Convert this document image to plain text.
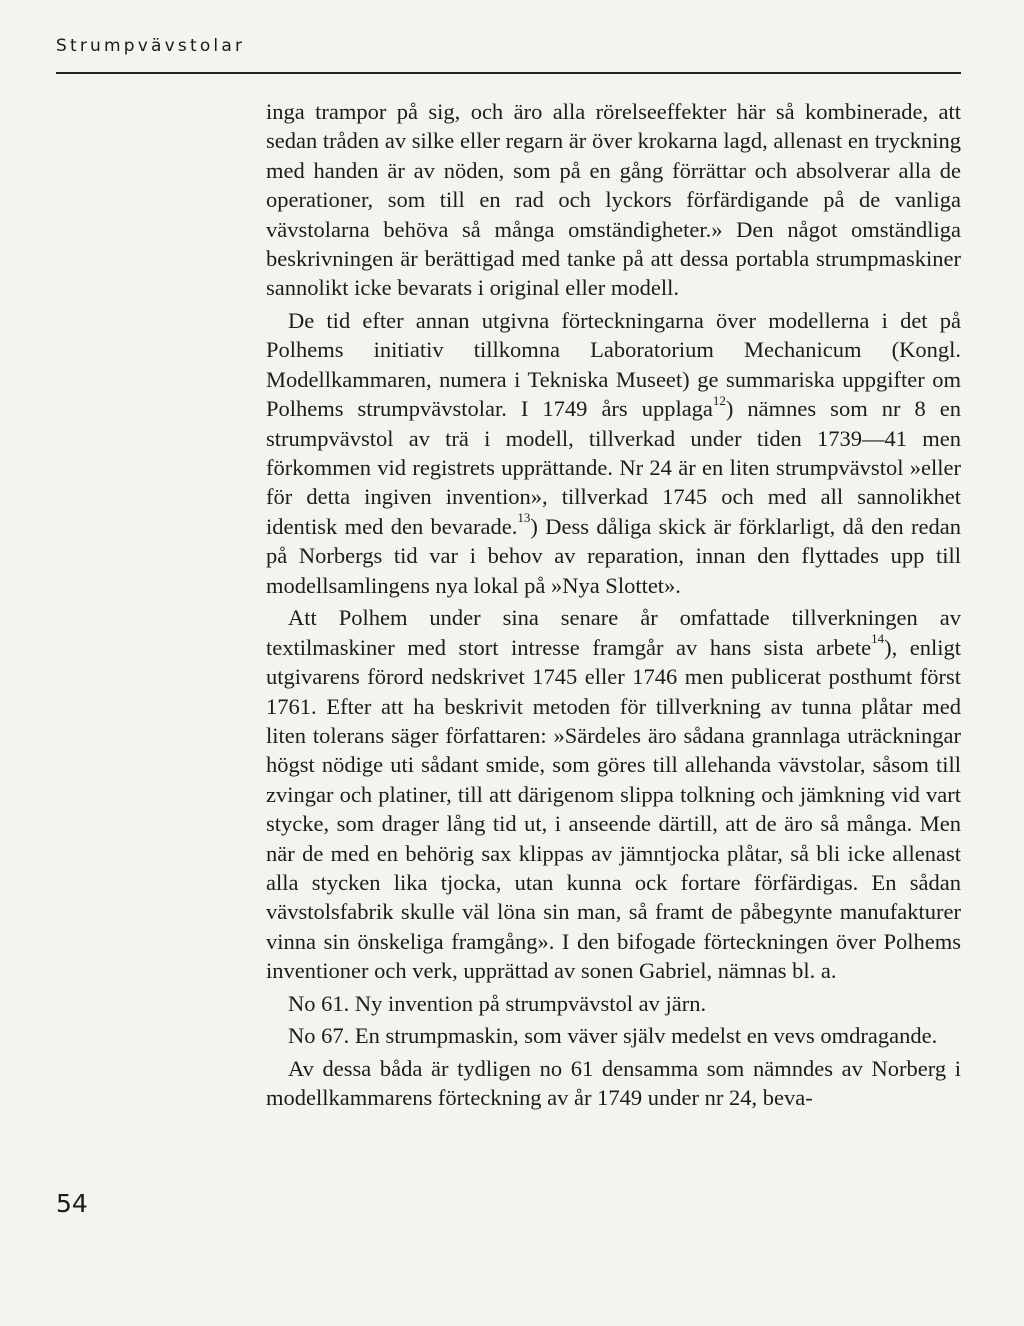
Strumpvävstolar
54

inga trampor på sig, och äro alla rörelseeffekter här så kombinerade, att sedan tråden av silke eller regarn är över krokarna lagd, allenast en tryckning med handen är av nöden, som på en gång förrättar och absolverar alla de operationer, som till en rad och lyckors förfärdigande på de vanliga vävstolarna behöva så många omständigheter.» Den något omständliga beskrivningen är berättigad med tanke på att dessa portabla strumpmaskiner sannolikt icke bevarats i original eller modell.

De tid efter annan utgivna förteckningarna över modellerna i det på Polhems initiativ tillkomna Laboratorium Mechanicum (Kongl. Modellkammaren, numera i Tekniska Museet) ge summariska uppgifter om Polhems strumpvävstolar. I 1749 års upplaga$^{12}$) nämnes som nr 8 en strumpvävstol av trä i modell, tillverkad under tiden 1739—41 men förkommen vid registrets upprättande. Nr 24 är en liten strumpvävstol »eller för detta ingiven invention», tillverkad 1745 och med all sannolikhet identisk med den bevarade.$^{13}$) Dess dåliga skick är förklarligt, då den redan på Norbergs tid var i behov av reparation, innan den flyttades upp till modellsamlingens nya lokal på »Nya Slottet».

Att Polhem under sina senare år omfattade tillverkningen av textilmaskiner med stort intresse framgår av hans sista arbete$^{14}$), enligt utgivarens förord nedskrivet 1745 eller 1746 men publicerat posthumt först 1761. Efter att ha beskrivit metoden för tillverkning av tunna plåtar med liten tolerans säger författaren: »Särdeles äro sådana grannlaga uträckningar högst nödige uti sådant smide, som göres till allehanda vävstolar, såsom till zvingar och platiner, till att därigenom slippa tolkning och jämkning vid vart stycke, som drager lång tid ut, i anseende därtill, att de äro så många. Men när de med en behörig sax klippas av jämntjocka plåtar, så bli icke allenast alla stycken lika tjocka, utan kunna ock fortare förfärdigas. En sådan vävstolsfabrik skulle väl löna sin man, så framt de påbegynte manufakturer vinna sin önskeliga framgång». I den bifogade förteckningen över Polhems inventioner och verk, upprättad av sonen Gabriel, nämnas bl. a.

No 61. Ny invention på strumpvävstol av järn.

No 67. En strumpmaskin, som väver själv medelst en vevs omdragande.

Av dessa båda är tydligen no 61 densamma som nämndes av Norberg i modellkammarens förteckning av år 1749 under nr 24, beva-
